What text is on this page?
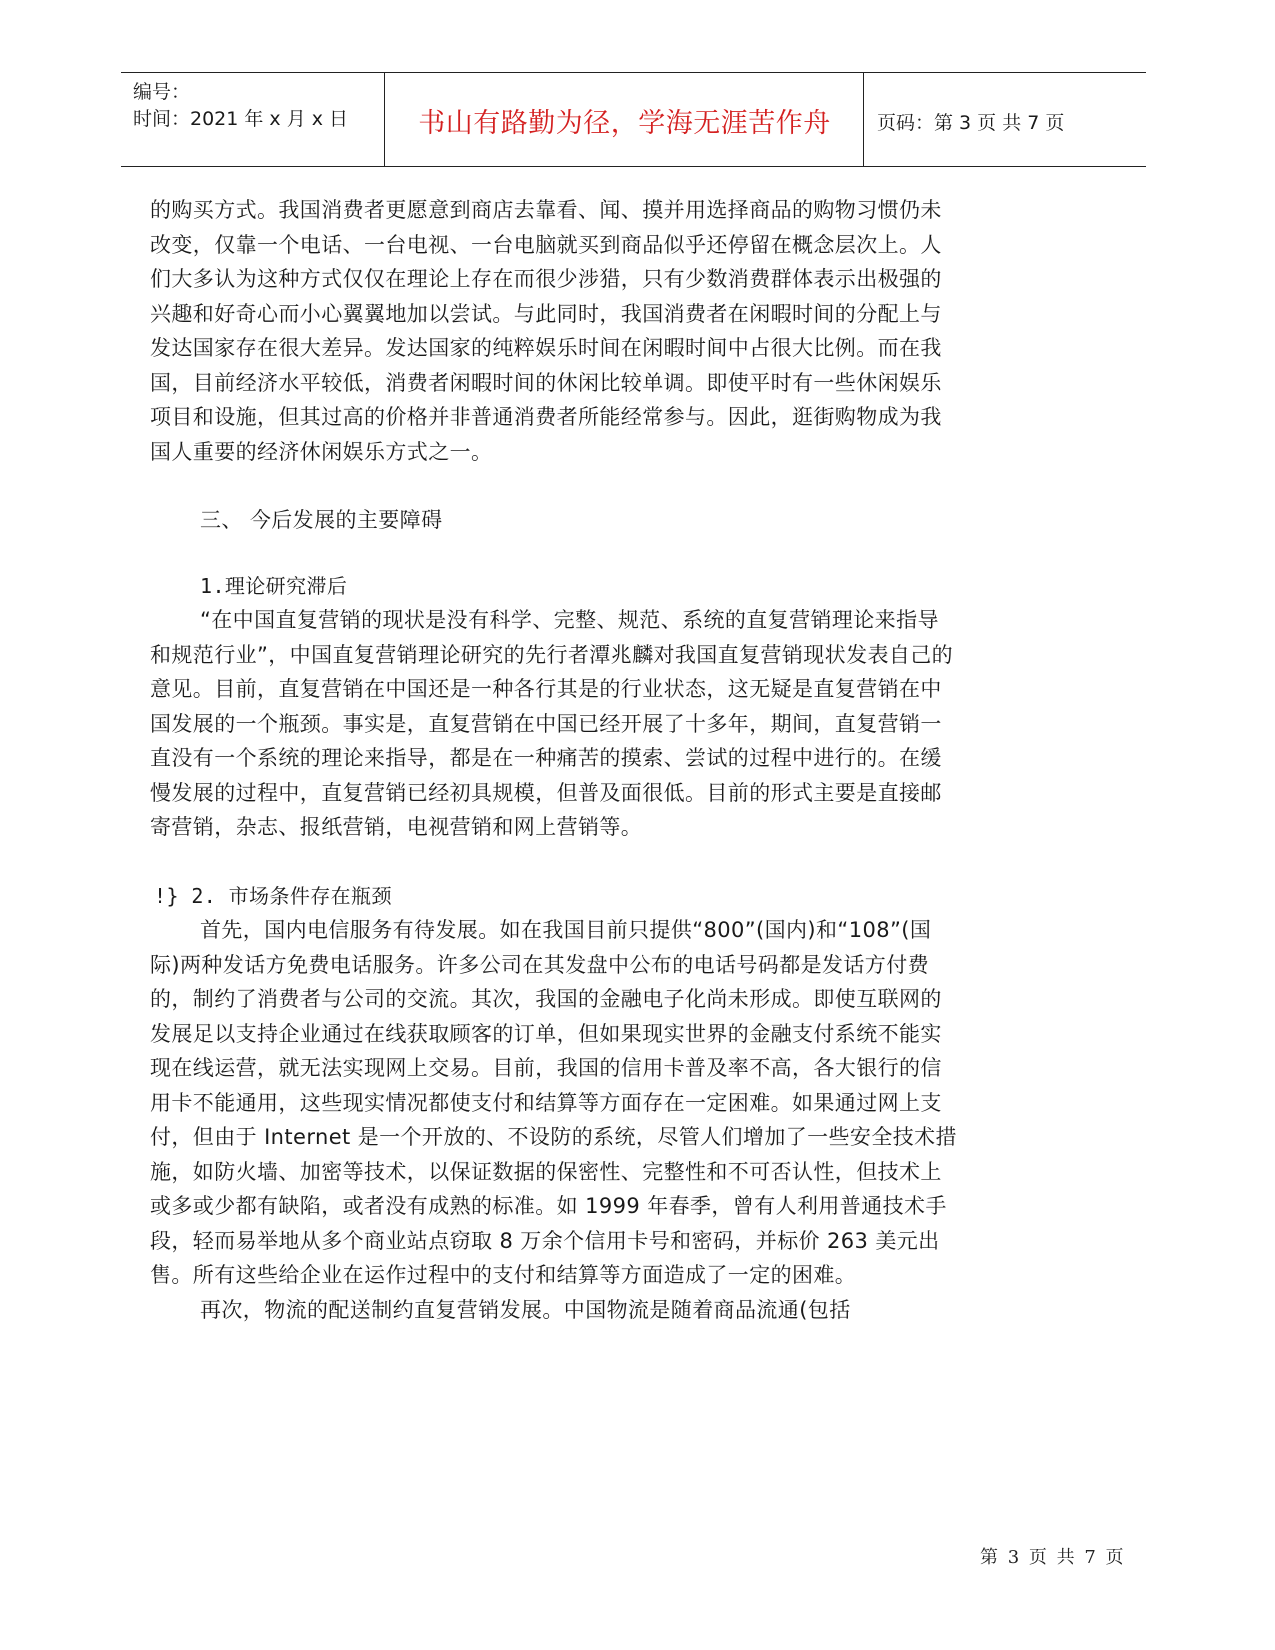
编号：
时间：2021 年 x 月 x 日	书山有路勤为径，学海无涯苦作舟	页码：第 3 页 共 7 页

的购买方式。我国消费者更愿意到商店去靠看、闻、摸并用选择商品的购物习惯仍未改变，仅靠一个电话、一台电视、一台电脑就买到商品似乎还停留在概念层次上。人们大多认为这种方式仅仅在理论上存在而很少涉猎，只有少数消费群体表示出极强的兴趣和好奇心而小心翼翼地加以尝试。与此同时，我国消费者在闲暇时间的分配上与发达国家存在很大差异。发达国家的纯粹娱乐时间在闲暇时间中占很大比例。而在我国，目前经济水平较低，消费者闲暇时间的休闲比较单调。即使平时有一些休闲娱乐项目和设施，但其过高的价格并非普通消费者所能经常参与。因此，逛街购物成为我国人重要的经济休闲娱乐方式之一。

三、 今后发展的主要障碍

1.理论研究滞后

“在中国直复营销的现状是没有科学、完整、规范、系统的直复营销理论来指导和规范行业”，中国直复营销理论研究的先行者潭兆麟对我国直复营销现状发表自己的意见。目前，直复营销在中国还是一种各行其是的行业状态，这无疑是直复营销在中国发展的一个瓶颈。事实是，直复营销在中国已经开展了十多年，期间，直复营销一直没有一个系统的理论来指导，都是在一种痛苦的摸索、尝试的过程中进行的。在缓慢发展的过程中，直复营销已经初具规模，但普及面很低。目前的形式主要是直接邮寄营销，杂志、报纸营销，电视营销和网上营销等。

!} 2. 市场条件存在瓶颈

首先，国内电信服务有待发展。如在我国目前只提供“800”(国内)和“108”(国际)两种发话方免费电话服务。许多公司在其发盘中公布的电话号码都是发话方付费的，制约了消费者与公司的交流。其次，我国的金融电子化尚未形成。即使互联网的发展足以支持企业通过在线获取顾客的订单，但如果现实世界的金融支付系统不能实现在线运营，就无法实现网上交易。目前，我国的信用卡普及率不高，各大银行的信用卡不能通用，这些现实情况都使支付和结算等方面存在一定困难。如果通过网上支付，但由于 Internet 是一个开放的、不设防的系统，尽管人们增加了一些安全技术措施，如防火墙、加密等技术，以保证数据的保密性、完整性和不可否认性，但技术上或多或少都有缺陷，或者没有成熟的标准。如 1999 年春季，曾有人利用普通技术手段，轻而易举地从多个商业站点窃取 8 万余个信用卡号和密码，并标价 263 美元出售。所有这些给企业在运作过程中的支付和结算等方面造成了一定的困难。

再次，物流的配送制约直复营销发展。中国物流是随着商品流通(包括

第 3 页 共 7 页
